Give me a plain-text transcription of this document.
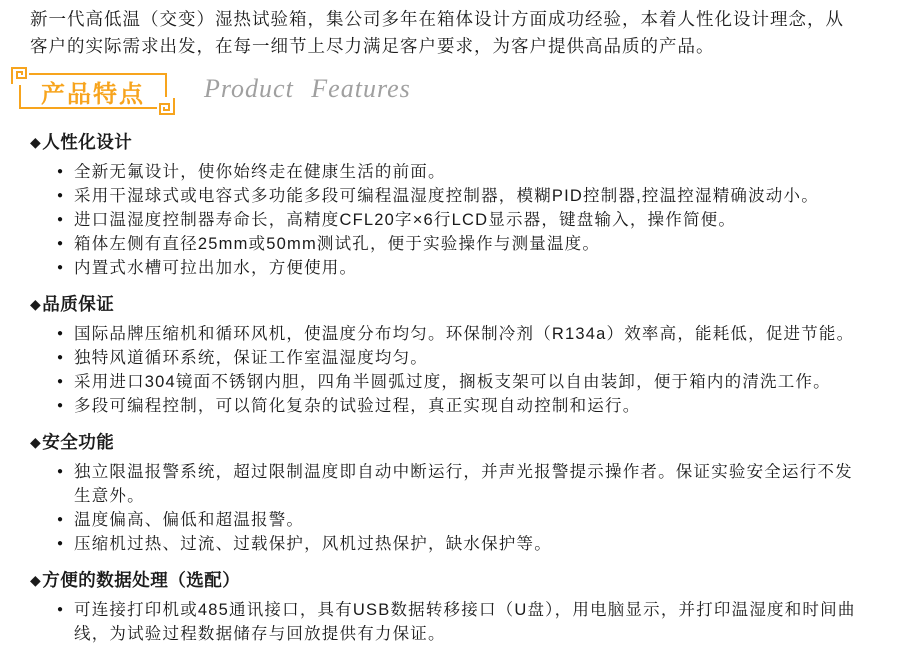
新一代高低温（交变）湿热试验箱，集公司多年在箱体设计方面成功经验，本着人性化设计理念，从客户的实际需求出发，在每一细节上尽力满足客户要求，为客户提供高品质的产品。

产品特点	Product Features
◆ 人性化设计
● 全新无氟设计，使你始终走在健康生活的前面。
● 采用干湿球式或电容式多功能多段可编程温湿度控制器，模糊PID控制器,控温控湿精确波动小。
● 进口温湿度控制器寿命长，高精度CFL20字×6行LCD显示器，键盘输入，操作简便。
● 箱体左侧有直径25mm或50mm测试孔，便于实验操作与测量温度。
● 内置式水槽可拉出加水，方便使用。
◆ 品质保证
● 国际品牌压缩机和循环风机，使温度分布均匀。环保制冷剂（R134a）效率高，能耗低，促进节能。
● 独特风道循环系统，保证工作室温湿度均匀。
● 采用进口304镜面不锈钢内胆，四角半圆弧过度，搁板支架可以自由装卸，便于箱内的清洗工作。
● 多段可编程控制，可以简化复杂的试验过程，真正实现自动控制和运行。
◆ 安全功能
● 独立限温报警系统，超过限制温度即自动中断运行，并声光报警提示操作者。保证实验安全运行不发生意外。
● 温度偏高、偏低和超温报警。
● 压缩机过热、过流、过载保护，风机过热保护，缺水保护等。
◆ 方便的数据处理（选配）
● 可连接打印机或485通讯接口，具有USB数据转移接口（U盘），用电脑显示，并打印温湿度和时间曲线，为试验过程数据储存与回放提供有力保证。
